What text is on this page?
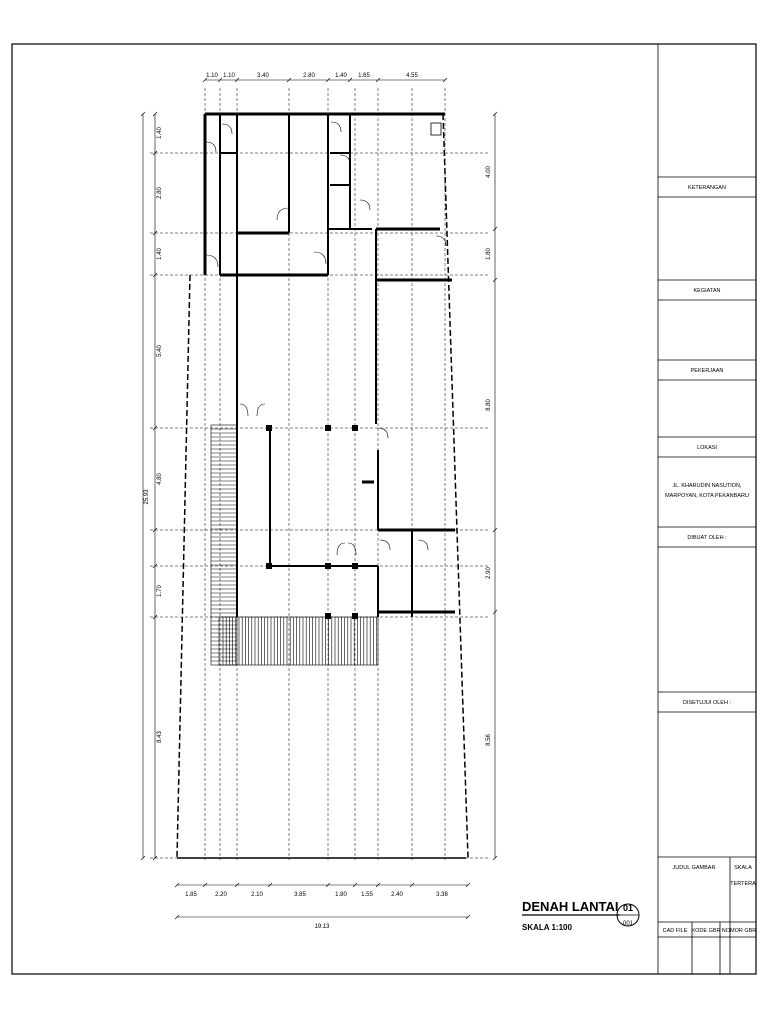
1.10 1.10	3.40	2.80	1.40 1.65	4.55
1.85	2.20	2.10	3.85	1.80 1.55	2.40	3.38
19.13
1.40
2.80
1.40
5.40
4.80
1.70
8.43
25.93
4.00
1.80
8.80
2.90
8.56
DENAH LANTAI
SKALA 1:100
01
001
KETERANGAN
KEGIATAN
PEKERJAAN
LOKASI
JL. KHARUDIN NASUTION,
MARPOYAN, KOTA PEKANBARU
DIBUAT OLEH :
DISETUJUI OLEH :
JUDUL GAMBAR	SKALA
TERTERA
CAD FILE KODE GBR NOMOR GBR
